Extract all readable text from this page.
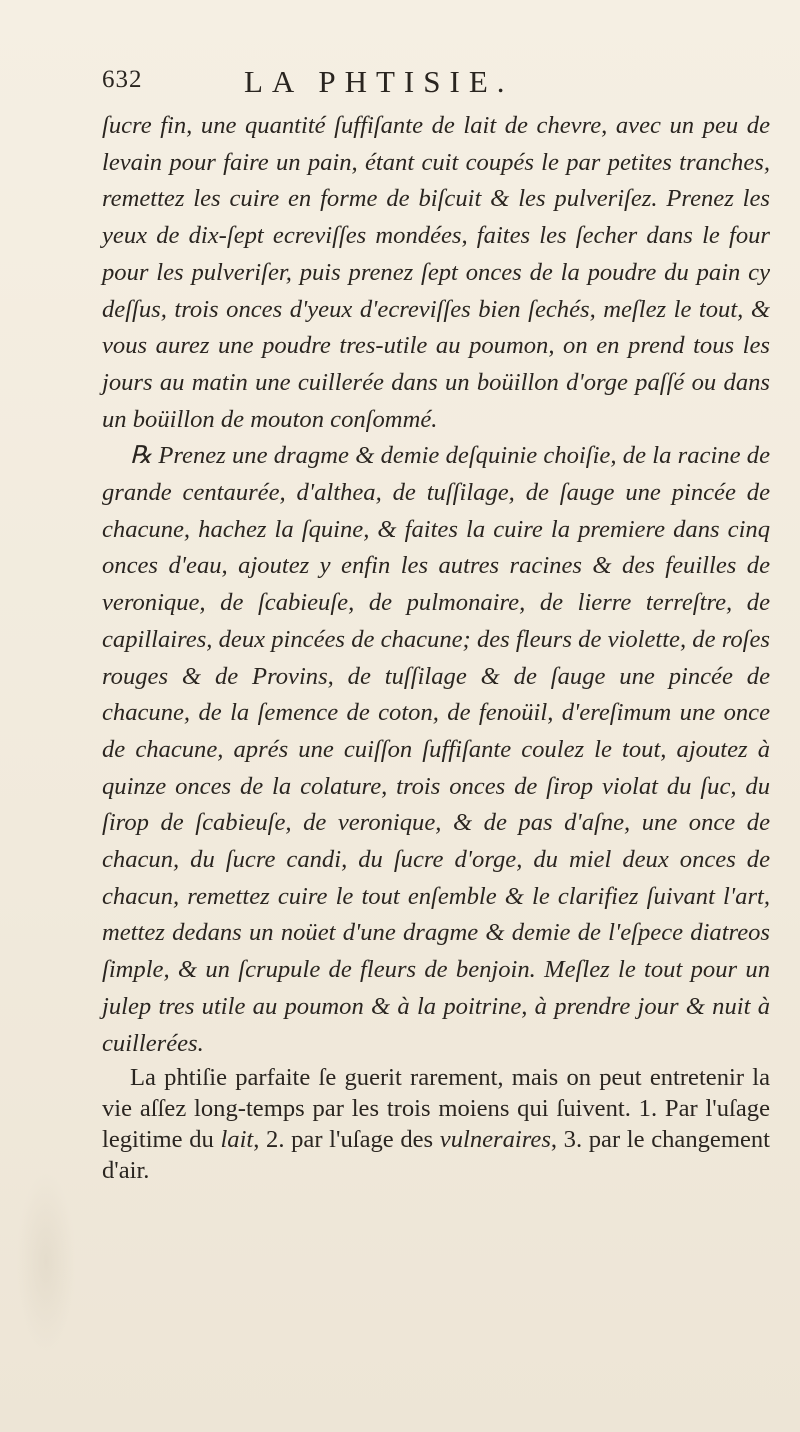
632	LA PHTISIE.

ſucre fin, une quantité ſuffiſante de lait de chevre, avec un peu de levain pour faire un pain, étant cuit coupés le par petites tranches, remettez les cuire en forme de biſcuit & les pulveriſez. Prenez les yeux de dix-ſept ecreviſſes mondées, faites les ſecher dans le four pour les pulveriſer, puis prenez ſept onces de la poudre du pain cy deſſus, trois onces d'yeux d'ecreviſſes bien ſechés, meſlez le tout, & vous aurez une poudre tres-utile au poumon, on en prend tous les jours au matin une cuillerée dans un boüillon d'orge paſſé ou dans un boüillon de mouton conſommé.

℞ Prenez une dragme & demie deſquinie choiſie, de la racine de grande centaurée, d'althea, de tuſſilage, de ſauge une pincée de chacune, hachez la ſquine, & faites la cuire la premiere dans cinq onces d'eau, ajoutez y enfin les autres racines & des feuilles de veronique, de ſcabieuſe, de pulmonaire, de lierre terreſtre, de capillaires, deux pincées de chacune; des fleurs de violette, de roſes rouges & de Provins, de tuſſilage & de ſauge une pincée de chacune, de la ſemence de coton, de fenoüil, d'ereſimum une once de chacune, aprés une cuiſſon ſuffiſante coulez le tout, ajoutez à quinze onces de la colature, trois onces de ſirop violat du ſuc, du ſirop de ſcabieuſe, de veronique, & de pas d'aſne, une once de chacun, du ſucre candi, du ſucre d'orge, du miel deux onces de chacun, remettez cuire le tout enſemble & le clarifiez ſuivant l'art, mettez dedans un noüet d'une dragme & demie de l'eſpece diatreos ſimple, & un ſcrupule de fleurs de benjoin. Meſlez le tout pour un julep tres utile au poumon & à la poitrine, à prendre jour & nuit à cuillerées.

La phtiſie parfaite ſe guerit rarement, mais on peut entretenir la vie aſſez long-temps par les trois moiens qui ſuivent. 1. Par l'uſage legitime du lait, 2. par l'uſage des vulneraires, 3. par le changement d'air.
